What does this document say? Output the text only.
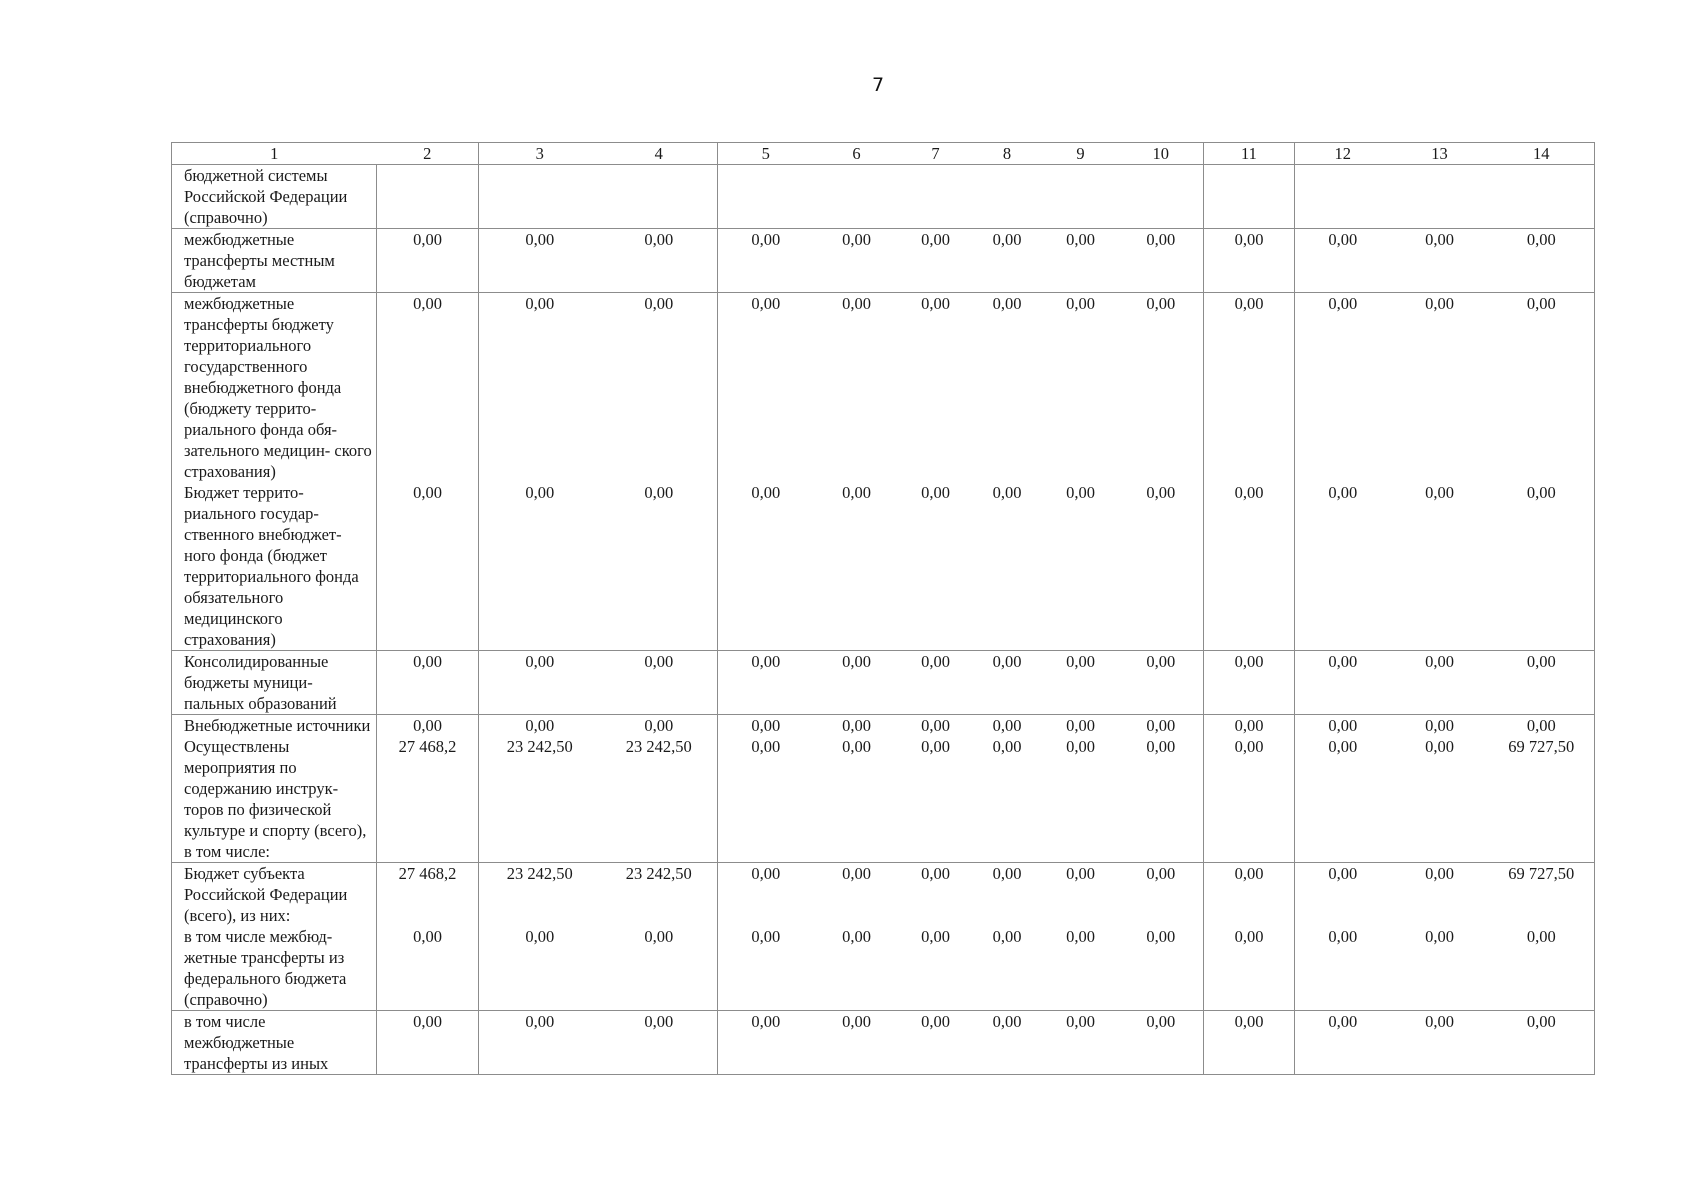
7
1	2	3	4	5	6	7	8	9	10	11	12	13	14
бюджетной системы Российской Федерации (справочно)													
межбюджетные трансферты местным бюджетам	0,00	0,00	0,00	0,00	0,00	0,00	0,00	0,00	0,00	0,00	0,00	0,00	0,00
межбюджетные трансферты бюджету территориального государственного внебюджетного фонда (бюджету террито- риального фонда обя- зательного медицин- ского страхования)	0,00	0,00	0,00	0,00	0,00	0,00	0,00	0,00	0,00	0,00	0,00	0,00	0,00
Бюджет террито- риального государ- ственного внебюджет- ного фонда (бюджет территориального фонда обязательного медицинского страхования)	0,00	0,00	0,00	0,00	0,00	0,00	0,00	0,00	0,00	0,00	0,00	0,00	0,00
Консолидированные бюджеты муници- пальных образований	0,00	0,00	0,00	0,00	0,00	0,00	0,00	0,00	0,00	0,00	0,00	0,00	0,00
Внебюджетные источники	0,00	0,00	0,00	0,00	0,00	0,00	0,00	0,00	0,00	0,00	0,00	0,00	0,00
Осуществлены мероприятия по содержанию инструк- торов по физической культуре и спорту (всего), в том числе:	27 468,2	23 242,50	23 242,50	0,00	0,00	0,00	0,00	0,00	0,00	0,00	0,00	0,00	69 727,50
Бюджет субъекта Российской Федерации (всего), из них:	27 468,2	23 242,50	23 242,50	0,00	0,00	0,00	0,00	0,00	0,00	0,00	0,00	0,00	69 727,50
в том числе межбюд- жетные трансферты из федерального бюджета (справочно)	0,00	0,00	0,00	0,00	0,00	0,00	0,00	0,00	0,00	0,00	0,00	0,00	0,00
в том числе межбюджетные трансферты из иных	0,00	0,00	0,00	0,00	0,00	0,00	0,00	0,00	0,00	0,00	0,00	0,00	0,00
